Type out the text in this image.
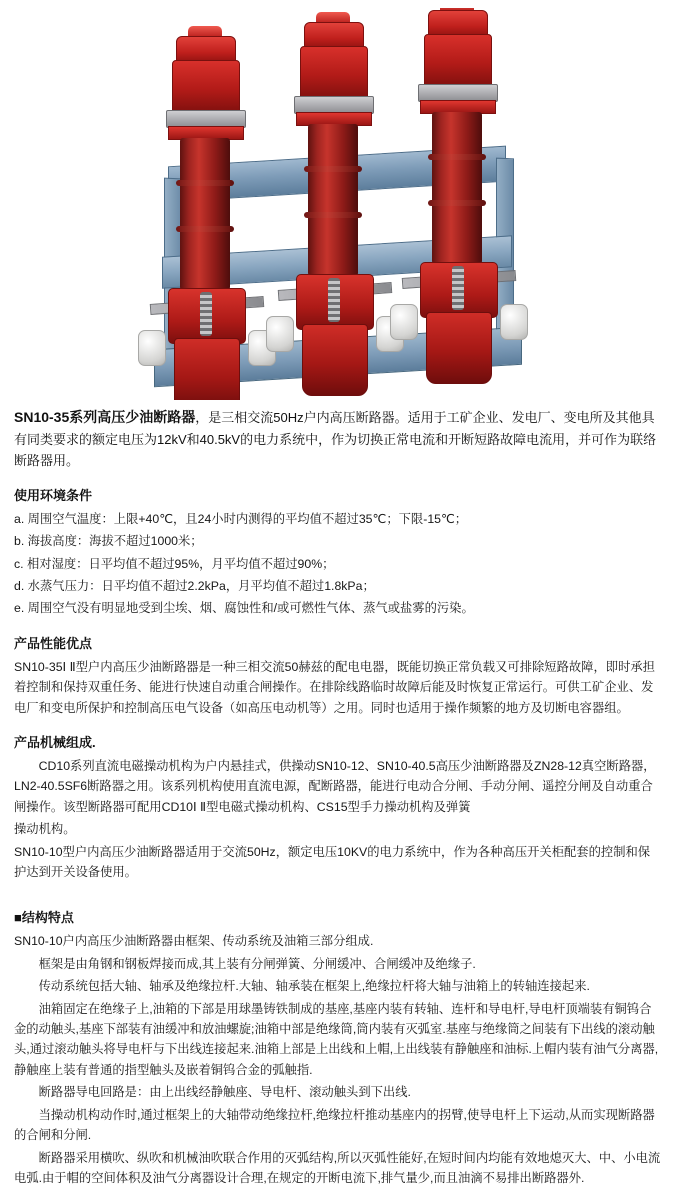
SN10-35系列高压少油断路器，是三相交流50Hz户内高压断路器。适用于工矿企业、发电厂、变电所及其他具有同类要求的额定电压为12kV和40.5kV的电力系统中，作为切换正常电流和开断短路故障电流用，并可作为联络断路器用。
使用环境条件
a. 周围空气温度：上限+40℃，且24小时内测得的平均值不超过35℃；下限-15℃；
b. 海拔高度：海拔不超过1000米；
c. 相对湿度：日平均值不超过95%，月平均值不超过90%；
d. 水蒸气压力：日平均值不超过2.2kPa，月平均值不超过1.8kPa；
e. 周围空气没有明显地受到尘埃、烟、腐蚀性和/或可燃性气体、蒸气或盐雾的污染。
产品性能优点

SN10-35Ⅰ Ⅱ型户内高压少油断路器是一种三相交流50赫兹的配电电器，既能切换正常负载又可排除短路故障，即时承担着控制和保持双重任务、能进行快速自动重合闸操作。在排除线路临时故障后能及时恢复正常运行。可供工矿企业、发电厂和变电所保护和控制高压电气设备（如高压电动机等）之用。同时也适用于操作频繁的地方及切断电容器组。

产品机械组成.

CD10系列直流电磁操动机构为户内悬挂式，供操动SN10-12、SN10-40.5高压少油断路器及ZN28-12真空断路器，LN2-40.5SF6断路器之用。该系列机构使用直流电源，配断路器，能进行电动合分闸、手动分闸、遥控分闸及自动重合闸操作。该型断路器可配用CD10Ⅰ Ⅱ型电磁式操动机构、CS15型手力操动机构及弹簧

操动机构。

SN10-10型户内高压少油断路器适用于交流50Hz，额定电压10KV的电力系统中，作为各种高压开关柜配套的控制和保护达到开关设备使用。

■结构特点

SN10-10户内高压少油断路器由框架、传动系统及油箱三部分组成.

框架是由角钢和钢板焊接而成,其上装有分闸弹簧、分闸缓冲、合闸缓冲及绝缘子.

传动系统包括大轴、轴承及绝缘拉杆.大轴、轴承装在框架上,绝缘拉杆将大轴与油箱上的转轴连接起来.

油箱固定在绝缘子上,油箱的下部是用球墨铸铁制成的基座,基座内装有转轴、连杆和导电杆,导电杆顶端装有铜钨合金的动触头,基座下部装有油缓冲和放油螺旋;油箱中部是绝缘筒,筒内装有灭弧室.基座与绝缘筒之间装有下出线的滚动触头,通过滚动触头将导电杆与下出线连接起来.油箱上部是上出线和上帽,上出线装有静触座和油标.上帽内装有油气分离器,静触座上装有普通的指型触头及嵌着铜钨合金的弧触指.

断路器导电回路是：由上出线经静触座、导电杆、滚动触头到下出线.

当操动机构动作时,通过框架上的大轴带动绝缘拉杆,绝缘拉杆推动基座内的拐臂,使导电杆上下运动,从而实现断路器的合闸和分闸.

断路器采用横吹、纵吹和机械油吹联合作用的灭弧结构,所以灭弧性能好,在短时间内均能有效地熄灭大、中、小电流电弧.由于帽的空间体积及油气分离器设计合理,在规定的开断电流下,排气量少,而且油滴不易排出断路器外.
